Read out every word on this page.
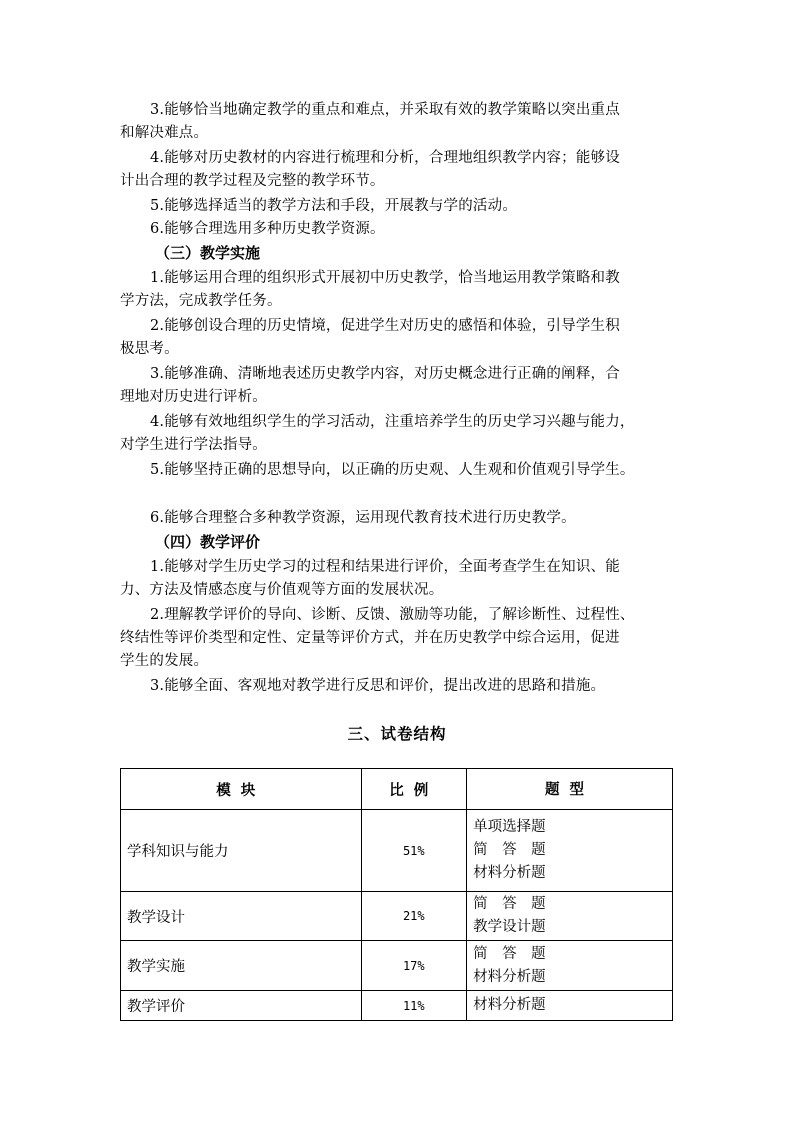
3.能够恰当地确定教学的重点和难点，并采取有效的教学策略以突出重点
和解决难点。
4.能够对历史教材的内容进行梳理和分析，合理地组织教学内容；能够设
计出合理的教学过程及完整的教学环节。
5.能够选择适当的教学方法和手段，开展教与学的活动。
6.能够合理选用多种历史教学资源。
（三）教学实施
1.能够运用合理的组织形式开展初中历史教学，恰当地运用教学策略和教
学方法，完成教学任务。
2.能够创设合理的历史情境，促进学生对历史的感悟和体验，引导学生积
极思考。
3.能够准确、清晰地表述历史教学内容，对历史概念进行正确的阐释，合
理地对历史进行评析。
4.能够有效地组织学生的学习活动，注重培养学生的历史学习兴趣与能力，
对学生进行学法指导。
5.能够坚持正确的思想导向，以正确的历史观、人生观和价值观引导学生。
6.能够合理整合多种教学资源，运用现代教育技术进行历史教学。
（四）教学评价
1.能够对学生历史学习的过程和结果进行评价，全面考查学生在知识、能
力、方法及情感态度与价值观等方面的发展状况。
2.理解教学评价的导向、诊断、反馈、激励等功能，了解诊断性、过程性、
终结性等评价类型和定性、定量等评价方式，并在历史教学中综合运用，促进
学生的发展。
3.能够全面、客观地对教学进行反思和评价，提出改进的思路和措施。
三、试卷结构
模块	比例	题型
学科知识与能力	51%	单项选择题
简　答　题
材料分析题

教学设计	21%	简　答　题
教学设计题

教学实施	17%	简　答　题
材料分析题

教学评价	11%	材料分析题
